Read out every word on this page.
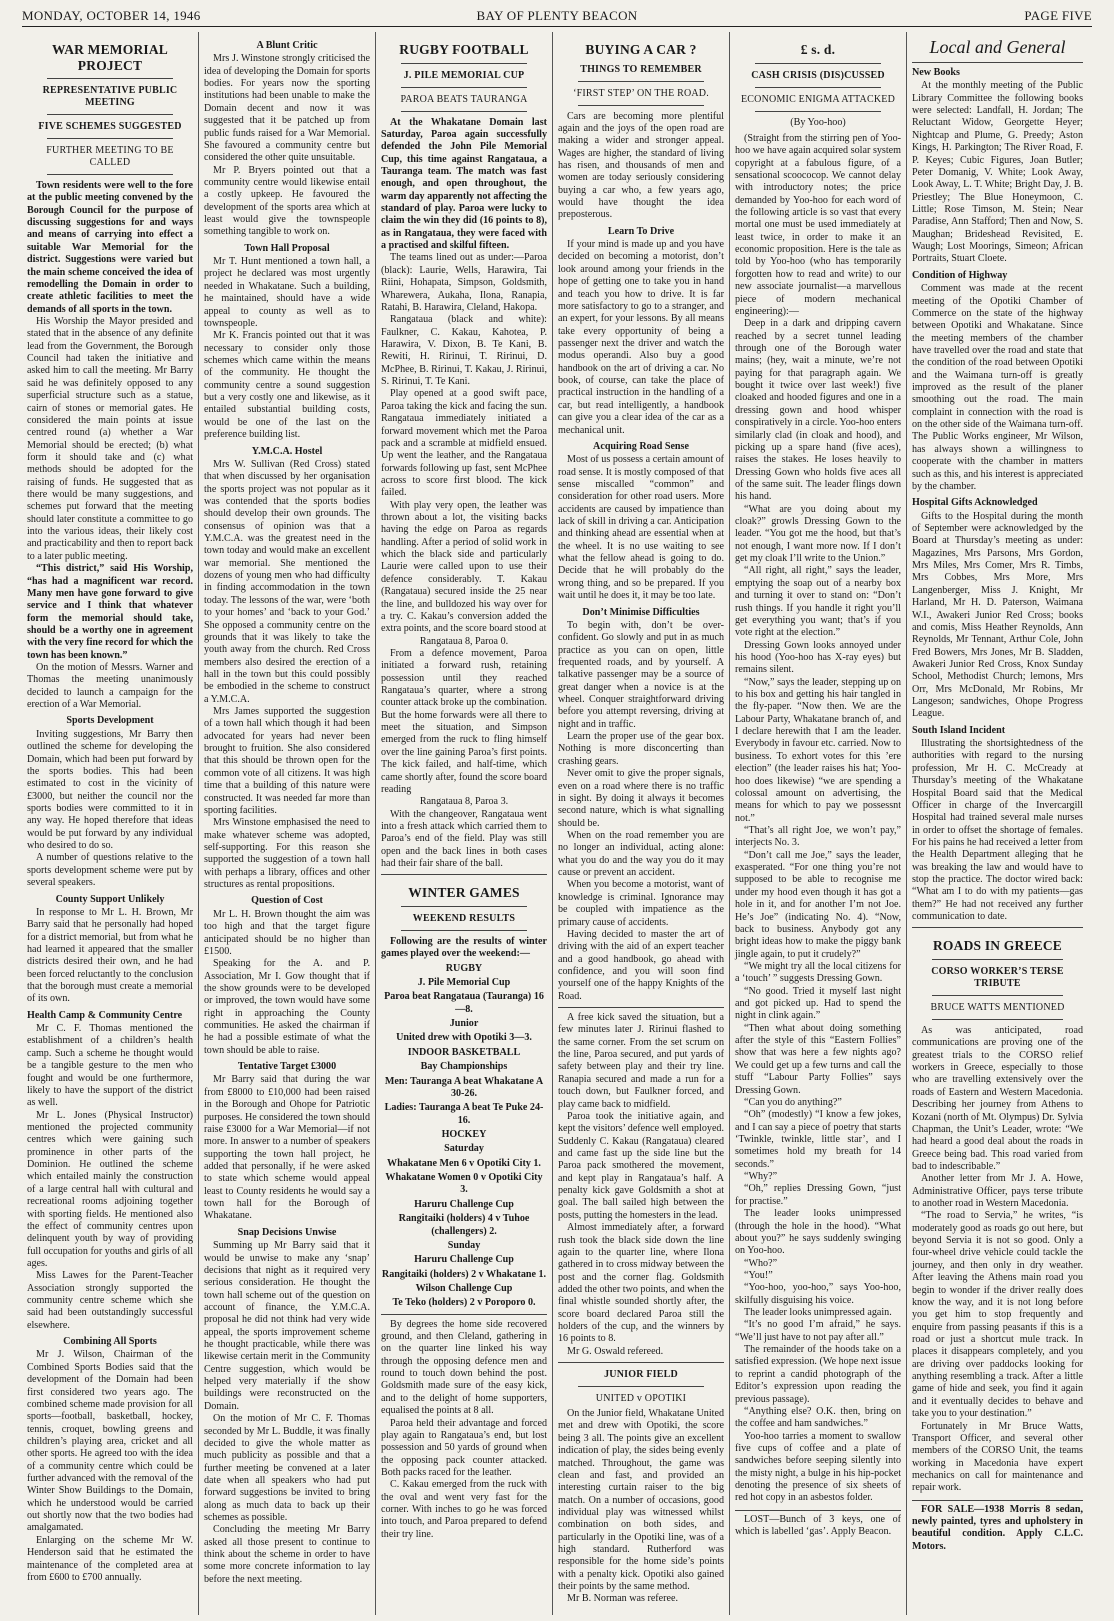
MONDAY, OCTOBER 14, 1946	BAY OF PLENTY BEACON	PAGE FIVE
WAR MEMORIAL PROJECT
REPRESENTATIVE PUBLIC MEETING
FIVE SCHEMES SUGGESTED
FURTHER MEETING TO BE CALLED

Town residents were well to the fore at the public meeting convened by the Borough Council for the purpose of discussing suggestions for and ways and means of carrying into effect a suitable War Memorial for the district. Suggestions were varied but the main scheme conceived the idea of remodelling the Domain in order to create athletic facilities to meet the demands of all sports in the town.

His Worship the Mayor presided and stated that in the absence of any definite lead from the Government, the Borough Council had taken the initiative and asked him to call the meeting. Mr Barry said he was definitely opposed to any superficial structure such as a statue, cairn of stones or memorial gates. He considered the main points at issue centred round (a) whether a War Memorial should be erected; (b) what form it should take and (c) what methods should be adopted for the raising of funds. He suggested that as there would be many suggestions, and schemes put forward that the meeting should later constitute a committee to go into the various ideas, their likely cost and practicability and then to report back to a later public meeting.

“This district,” said His Worship, “has had a magnificent war record. Many men have gone forward to give service and I think that whatever form the memorial should take, should be a worthy one in agreement with the very fine record for which the town has been known.”

On the motion of Messrs. Warner and Thomas the meeting unanimously decided to launch a campaign for the erection of a War Memorial.

Sports Development

Inviting suggestions, Mr Barry then outlined the scheme for developing the Domain, which had been put forward by the sports bodies. This had been estimated to cost in the vicinity of £3000, but neither the council nor the sports bodies were committed to it in any way. He hoped therefore that ideas would be put forward by any individual who desired to do so.

A number of questions relative to the sports development scheme were put by several speakers.

County Support Unlikely

In response to Mr L. H. Brown, Mr Barry said that he personally had hoped for a district memorial, but from what he had learned it appeared that the smaller districts desired their own, and he had been forced reluctantly to the conclusion that the borough must create a memorial of its own.

Health Camp & Community Centre

Mr C. F. Thomas mentioned the establishment of a children’s health camp. Such a scheme he thought would be a tangible gesture to the men who fought and would be one furthermore, likely to have the support of the district as well.

Mr L. Jones (Physical Instructor) mentioned the projected community centres which were gaining such prominence in other parts of the Dominion. He outlined the scheme which entailed mainly the construction of a large central hall with cultural and recreational rooms adjoining together with sporting fields. He mentioned also the effect of community centres upon delinquent youth by way of providing full occupation for youths and girls of all ages.

Miss Lawes for the Parent-Teacher Association strongly supported the community centre scheme which she said had been outstandingly successful elsewhere.

Combining All Sports

Mr J. Wilson, Chairman of the Combined Sports Bodies said that the development of the Domain had been first considered two years ago. The combined scheme made provision for all sports—football, basketball, hockey, tennis, croquet, bowling greens and children’s playing area, cricket and all other sports. He agreed too with the idea of a community centre which could be further advanced with the removal of the Winter Show Buildings to the Domain, which he understood would be carried out shortly now that the two bodies had amalgamated.

Enlarging on the scheme Mr W. Henderson said that he estimated the maintenance of the completed area at from £600 to £700 annually.

A Blunt Critic

Mrs J. Winstone strongly criticised the idea of developing the Domain for sports bodies. For years now the sporting institutions had been unable to make the Domain decent and now it was suggested that it be patched up from public funds raised for a War Memorial. She favoured a community centre but considered the other quite unsuitable.

Mr P. Bryers pointed out that a community centre would likewise entail a costly upkeep. He favoured the development of the sports area which at least would give the townspeople something tangible to work on.

Town Hall Proposal

Mr T. Hunt mentioned a town hall, a project he declared was most urgently needed in Whakatane. Such a building, he maintained, should have a wide appeal to county as well as to townspeople.

Mr K. Francis pointed out that it was necessary to consider only those schemes which came within the means of the community. He thought the community centre a sound suggestion but a very costly one and likewise, as it entailed substantial building costs, would be one of the last on the preference building list.

Y.M.C.A. Hostel

Mrs W. Sullivan (Red Cross) stated that when discussed by her organisation the sports project was not popular as it was contended that the sports bodies should develop their own grounds. The consensus of opinion was that a Y.M.C.A. was the greatest need in the town today and would make an excellent war memorial. She mentioned the dozens of young men who had difficulty in finding accommodation in the town today. The lessons of the war, were ‘both to your homes’ and ‘back to your God.’ She opposed a community centre on the grounds that it was likely to take the youth away from the church. Red Cross members also desired the erection of a hall in the town but this could possibly be embodied in the scheme to construct a Y.M.C.A.

Mrs James supported the suggestion of a town hall which though it had been advocated for years had never been brought to fruition. She also considered that this should be thrown open for the common vote of all citizens. It was high time that a building of this nature were constructed. It was needed far more than sporting facilities.

Mrs Winstone emphasised the need to make whatever scheme was adopted, self-supporting. For this reason she supported the suggestion of a town hall with perhaps a library, offices and other structures as rental propositions.

Question of Cost

Mr L. H. Brown thought the aim was too high and that the target figure anticipated should be no higher than £1500.

Speaking for the A. and P. Association, Mr I. Gow thought that if the show grounds were to be developed or improved, the town would have some right in approaching the County communities. He asked the chairman if he had a possible estimate of what the town should be able to raise.

Tentative Target £3000

Mr Barry said that during the war from £8000 to £10,000 had been raised in the Borough and Ohope for Patriotic purposes. He considered the town should raise £3000 for a War Memorial—if not more. In answer to a number of speakers supporting the town hall project, he added that personally, if he were asked to state which scheme would appeal least to County residents he would say a town hall for the Borough of Whakatane.

Snap Decisions Unwise

Summing up Mr Barry said that it would be unwise to make any ‘snap’ decisions that night as it required very serious consideration. He thought the town hall scheme out of the question on account of finance, the Y.M.C.A. proposal he did not think had very wide appeal, the sports improvement scheme he thought practicable, while there was likewise certain merit in the Community Centre suggestion, which would be helped very materially if the show buildings were reconstructed on the Domain.

On the motion of Mr C. F. Thomas seconded by Mr L. Buddle, it was finally decided to give the whole matter as much publicity as possible and that a further meeting be convened at a later date when all speakers who had put forward suggestions be invited to bring along as much data to back up their schemes as possible.

Concluding the meeting Mr Barry asked all those present to continue to think about the scheme in order to have some more concrete information to lay before the next meeting.

RUGBY FOOTBALL
J. PILE MEMORIAL CUP
PAROA BEATS TAURANGA

At the Whakatane Domain last Saturday, Paroa again successfully defended the John Pile Memorial Cup, this time against Rangataua, a Tauranga team. The match was fast enough, and open throughout, the warm day apparently not affecting the standard of play. Paroa were lucky to claim the win they did (16 points to 8), as in Rangataua, they were faced with a practised and skilful fifteen.

The teams lined out as under:—Paroa (black): Laurie, Wells, Harawira, Tai Riini, Hohapata, Simpson, Goldsmith, Wharewera, Aukaha, Ilona, Ranapia, Ratahi, B. Harawira, Cleland, Hakopa.

Rangataua (black and white): Faulkner, C. Kakau, Kahotea, P. Harawira, V. Dixon, B. Te Kani, B. Rewiti, H. Ririnui, T. Ririnui, D. McPhee, B. Ririnui, T. Kakau, J. Ririnui, S. Ririnui, T. Te Kani.

Play opened at a good swift pace, Paroa taking the kick and facing the sun. Rangataua immediately initiated a forward movement which met the Paroa pack and a scramble at midfield ensued. Up went the leather, and the Rangataua forwards following up fast, sent McPhee across to score first blood. The kick failed.

With play very open, the leather was thrown about a lot, the visiting backs having the edge on Paroa as regards handling. After a period of solid work in which the black side and particularly Laurie were called upon to use their defence considerably. T. Kakau (Rangataua) secured inside the 25 near the line, and bulldozed his way over for a try. C. Kakau’s conversion added the extra points, and the score board stood at

Rangataua 8, Paroa 0.

From a defence movement, Paroa initiated a forward rush, retaining possession until they reached Rangataua’s quarter, where a strong counter attack broke up the combination. But the home forwards were all there to meet the situation, and Simpson emerged from the ruck to fling himself over the line gaining Paroa’s first points. The kick failed, and half-time, which came shortly after, found the score board reading

Rangataua 8, Paroa 3.

With the changeover, Rangataua went into a fresh attack which carried them to Paroa’s end of the field. Play was still open and the back lines in both cases had their fair share of the ball.

WINTER GAMES
WEEKEND RESULTS

Following are the results of winter games played over the weekend:—

RUGBY

J. Pile Memorial Cup

Paroa beat Rangataua (Tauranga) 16—8.

Junior

United drew with Opotiki 3—3.

INDOOR BASKETBALL

Bay Championships

Men: Tauranga A beat Whakatane A 30-26.

Ladies: Tauranga A beat Te Puke 24-16.

HOCKEY

Saturday

Whakatane Men 6 v Opotiki City 1.

Whakatane Women 0 v Opotiki City 3.

Haruru Challenge Cup

Rangitaiki (holders) 4 v Tuhoe (challengers) 2.

Sunday

Haruru Challenge Cup

Rangitaiki (holders) 2 v Whakatane 1.

Wilson Challenge Cup

Te Teko (holders) 2 v Poroporo 0.

By degrees the home side recovered ground, and then Cleland, gathering in on the quarter line linked his way through the opposing defence men and round to touch down behind the post. Goldsmith made sure of the easy kick, and to the delight of home supporters, equalised the points at 8 all.

Paroa held their advantage and forced play again to Rangataua’s end, but lost possession and 50 yards of ground when the opposing pack counter attacked. Both packs raced for the leather.

C. Kakau emerged from the ruck with the oval and went very fast for the corner. With inches to go he was forced into touch, and Paroa prepared to defend their try line.

BUYING A CAR ?
THINGS TO REMEMBER
‘FIRST STEP’ ON THE ROAD.

Cars are becoming more plentiful again and the joys of the open road are making a wider and stronger appeal. Wages are higher, the standard of living has risen, and thousands of men and women are today seriously considering buying a car who, a few years ago, would have thought the idea preposterous.

Learn To Drive

If your mind is made up and you have decided on becoming a motorist, don’t look around among your friends in the hope of getting one to take you in hand and teach you how to drive. It is far more satisfactory to go to a stranger, and an expert, for your lessons. By all means take every opportunity of being a passenger next the driver and watch the modus operandi. Also buy a good handbook on the art of driving a car. No book, of course, can take the place of practical instruction in the handling of a car, but read intelligently, a handbook can give you a clear idea of the car as a mechanical unit.

Acquiring Road Sense

Most of us possess a certain amount of road sense. It is mostly composed of that sense miscalled “common” and consideration for other road users. More accidents are caused by impatience than lack of skill in driving a car. Anticipation and thinking ahead are essential when at the wheel. It is no use waiting to see what the fellow ahead is going to do. Decide that he will probably do the wrong thing, and so be prepared. If you wait until he does it, it may be too late.

Don’t Minimise Difficulties

To begin with, don’t be over-confident. Go slowly and put in as much practice as you can on open, little frequented roads, and by yourself. A talkative passenger may be a source of great danger when a novice is at the wheel. Conquer straightforward driving before you attempt reversing, driving at night and in traffic.

Learn the proper use of the gear box. Nothing is more disconcerting than crashing gears.

Never omit to give the proper signals, even on a road where there is no traffic in sight. By doing it always it becomes second nature, which is what signalling should be.

When on the road remember you are no longer an individual, acting alone: what you do and the way you do it may cause or prevent an accident.

When you become a motorist, want of knowledge is criminal. Ignorance may be coupled with impatience as the primary cause of accidents.

Having decided to master the art of driving with the aid of an expert teacher and a good handbook, go ahead with confidence, and you will soon find yourself one of the happy Knights of the Road.

A free kick saved the situation, but a few minutes later J. Ririnui flashed to the same corner. From the set scrum on the line, Paroa secured, and put yards of safety between play and their try line. Ranapia secured and made a run for a touch down, but Faulkner forced, and play came back to midfield.

Paroa took the initiative again, and kept the visitors’ defence well employed. Suddenly C. Kakau (Rangataua) cleared and came fast up the side line but the Paroa pack smothered the movement, and kept play in Rangataua’s half. A penalty kick gave Goldsmith a shot at goal. The ball sailed high between the posts, putting the homesters in the lead.

Almost immediately after, a forward rush took the black side down the line again to the quarter line, where Ilona gathered in to cross midway between the post and the corner flag. Goldsmith added the other two points, and when the final whistle sounded shortly after, the score board declared Paroa still the holders of the cup, and the winners by 16 points to 8.

Mr G. Oswald refereed.

JUNIOR FIELD
UNITED v OPOTIKI

On the Junior field, Whakatane United met and drew with Opotiki, the score being 3 all. The points give an excellent indication of play, the sides being evenly matched. Throughout, the game was clean and fast, and provided an interesting curtain raiser to the big match. On a number of occasions, good individual play was witnessed whilst combination on both sides, and particularly in the Opotiki line, was of a high standard. Rutherford was responsible for the home side’s points with a penalty kick. Opotiki also gained their points by the same method.

Mr B. Norman was referee.

£ s. d.
CASH CRISIS (DIS)CUSSED
ECONOMIC ENIGMA ATTACKED

(By Yoo-hoo)

(Straight from the stirring pen of Yoo-hoo we have again acquired solar system copyright at a fabulous figure, of a sensational scoococop. We cannot delay with introductory notes; the price demanded by Yoo-hoo for each word of the following article is so vast that every mortal one must be used immediately at least twice, in order to make it an economic proposition. Here is the tale as told by Yoo-hoo (who has temporarily forgotten how to read and write) to our new associate journalist—a marvellous piece of modern mechanical engineering):—

Deep in a dark and dripping cavern reached by a secret tunnel leading through one of the Borough water mains; (hey, wait a minute, we’re not paying for that paragraph again. We bought it twice over last week!) five cloaked and hooded figures and one in a dressing gown and hood whisper conspiratively in a circle. Yoo-hoo enters similarly clad (in cloak and hood), and picking up a spare hand (five aces), raises the stakes. He loses heavily to Dressing Gown who holds five aces all of the same suit. The leader flings down his hand.

“What are you doing about my cloak?” growls Dressing Gown to the leader. “You got me the hood, but that’s not enough, I want more now. If I don’t get my cloak I’ll write to the Union.”

“All right, all right,” says the leader, emptying the soap out of a nearby box and turning it over to stand on: “Don’t rush things. If you handle it right you’ll get everything you want; that’s if you vote right at the election.”

Dressing Gown looks annoyed under his hood (Yoo-hoo has X-ray eyes) but remains silent.

“Now,” says the leader, stepping up on to his box and getting his hair tangled in the fly-paper. “Now then. We are the Labour Party, Whakatane branch of, and I declare herewith that I am the leader. Everybody in favour etc. carried. Now to business. To exhort votes for this ’ere election” (the leader raises his hat; Yoo-hoo does likewise) “we are spending a colossal amount on advertising, the means for which to pay we possessnt not.”

“That’s all right Joe, we won’t pay,” interjects No. 3.

“Don’t call me Joe,” says the leader, exasperated. “For one thing you’re not supposed to be able to recognise me under my hood even though it has got a hole in it, and for another I’m not Joe. He’s Joe” (indicating No. 4). “Now, back to business. Anybody got any bright ideas how to make the piggy bank jingle again, to put it crudely?”

“We might try all the local citizens for a ‘touch’ ” suggests Dressing Gown.

“No good. Tried it myself last night and got picked up. Had to spend the night in clink again.”

“Then what about doing something after the style of this “Eastern Follies” show that was here a few nights ago? We could get up a few turns and call the stuff “Labour Party Follies” says Dressing Gown.

“Can you do anything?”

“Oh” (modestly) “I know a few jokes, and I can say a piece of poetry that starts ‘Twinkle, twinkle, little star’, and I sometimes hold my breath for 14 seconds.”

“Why?”

“Oh,” replies Dressing Gown, “just for practise.”

The leader looks unimpressed (through the hole in the hood). “What about you?” he says suddenly swinging on Yoo-hoo.

“Who?”

“You!”

“Yoo-hoo, yoo-hoo,” says Yoo-hoo, skilfully disguising his voice.

The leader looks unimpressed again.

“It’s no good I’m afraid,” he says. “We’ll just have to not pay after all.”

The remainder of the hoods take on a satisfied expression. (We hope next issue to reprint a candid photograph of the Editor’s expression upon reading the previous passage).

“Anything else? O.K. then, bring on the coffee and ham sandwiches.”

Yoo-hoo tarries a moment to swallow five cups of coffee and a plate of sandwiches before seeping silently into the misty night, a bulge in his hip-pocket denoting the presence of six sheets of red hot copy in an asbestos folder.

LOST—Bunch of 3 keys, one of which is labelled ‘gas’. Apply Beacon.

Local and General
New Books

At the monthly meeting of the Public Library Committee the following books were selected: Landfall, H. Jordan; The Reluctant Widow, Georgette Heyer; Nightcap and Plume, G. Preedy; Aston Kings, H. Parkington; The River Road, F. P. Keyes; Cubic Figures, Joan Butler; Peter Domanig, V. White; Look Away, Look Away, L. T. White; Bright Day, J. B. Priestley; The Blue Honeymoon, C. Little; Rose Timson, M. Stein; Near Paradise, Ann Stafford; Then and Now, S. Maughan; Brideshead Revisited, E. Waugh; Lost Moorings, Simeon; African Portraits, Stuart Cloete.

Condition of Highway

Comment was made at the recent meeting of the Opotiki Chamber of Commerce on the state of the highway between Opotiki and Whakatane. Since the meeting members of the chamber have travelled over the road and state that the condition of the road between Opotiki and the Waimana turn-off is greatly improved as the result of the planer smoothing out the road. The main complaint in connection with the road is on the other side of the Waimana turn-off. The Public Works engineer, Mr Wilson, has always shown a willingness to cooperate with the chamber in matters such as this, and his interest is appreciated by the chamber.

Hospital Gifts Acknowledged

Gifts to the Hospital during the month of September were acknowledged by the Board at Thursday’s meeting as under: Magazines, Mrs Parsons, Mrs Gordon, Mrs Miles, Mrs Comer, Mrs R. Timbs, Mrs Cobbes, Mrs More, Mrs Langenberger, Miss J. Knight, Mr Harland, Mr H. D. Paterson, Waimana W.I., Awakeri Junior Red Cross; books and comis, Miss Heather Reynolds, Ann Reynolds, Mr Tennant, Arthur Cole, John Fred Bowers, Mrs Jones, Mr B. Sladden, Awakeri Junior Red Cross, Knox Sunday School, Methodist Church; lemons, Mrs Orr, Mrs McDonald, Mr Robins, Mr Langeson; sandwiches, Ohope Progress League.

South Island Incident

Illustrating the shortsightedness of the authorities with regard to the nursing profession, Mr H. C. McCready at Thursday’s meeting of the Whakatane Hospital Board said that the Medical Officer in charge of the Invercargill Hospital had trained several male nurses in order to offset the shortage of females. For his pains he had received a letter from the Health Department alleging that he was breaking the law and would have to stop the practice. The doctor wired back: “What am I to do with my patients—gas them?” He had not received any further communication to date.

ROADS IN GREECE
CORSO WORKER’S TERSE TRIBUTE
BRUCE WATTS MENTIONED

As was anticipated, road communications are proving one of the greatest trials to the CORSO relief workers in Greece, especially to those who are travelling extensively over the roads of Eastern and Western Macedonia. Describing her journey from Athens to Kozani (north of Mt. Olympus) Dr. Sylvia Chapman, the Unit’s Leader, wrote: “We had heard a good deal about the roads in Greece being bad. This road varied from bad to indescribable.”

Another letter from Mr J. A. Howe, Administrative Officer, pays terse tribute to another road in Western Macedonia.

“The road to Servia,” he writes, “is moderately good as roads go out here, but beyond Servia it is not so good. Only a four-wheel drive vehicle could tackle the journey, and then only in dry weather. After leaving the Athens main road you begin to wonder if the driver really does know the way, and it is not long before you get him to stop frequently and enquire from passing peasants if this is a road or just a shortcut mule track. In places it disappears completely, and you are driving over paddocks looking for anything resembling a track. After a little game of hide and seek, you find it again and it eventually decides to behave and take you to your destination.”

Fortunately in Mr Bruce Watts, Transport Officer, and several other members of the CORSO Unit, the teams working in Macedonia have expert mechanics on call for maintenance and repair work.

FOR SALE—1938 Morris 8 sedan, newly painted, tyres and upholstery in beautiful condition. Apply C.L.C. Motors.
